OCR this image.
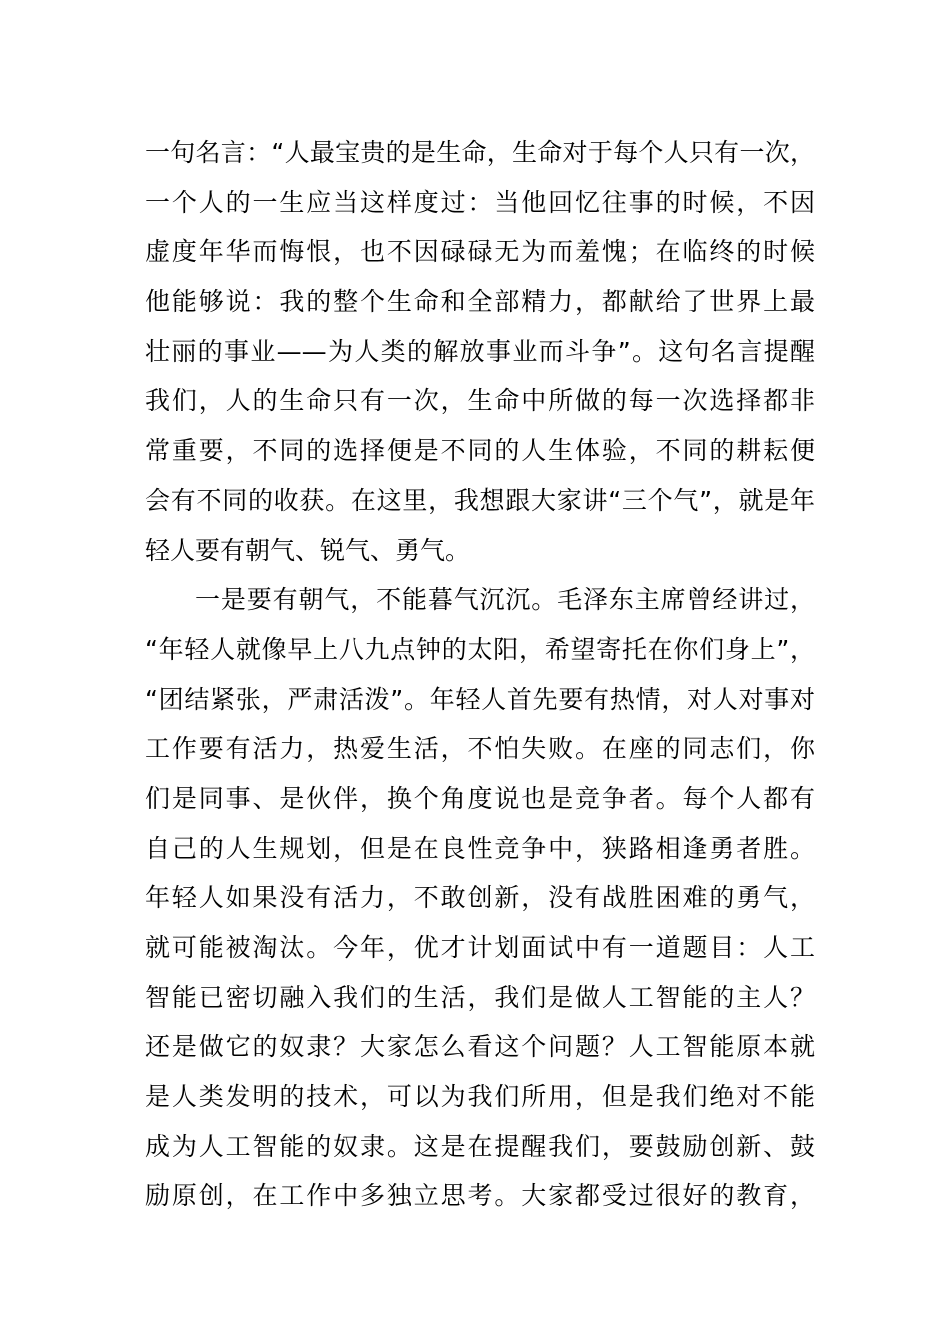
一句名言：“人最宝贵的是生命，生命对于每个人只有一次，
一个人的一生应当这样度过：当他回忆往事的时候，不因
虚度年华而悔恨，也不因碌碌无为而羞愧；在临终的时候
他能够说：我的整个生命和全部精力，都献给了世界上最
壮丽的事业——为人类的解放事业而斗争”。这句名言提醒
我们，人的生命只有一次，生命中所做的每一次选择都非
常重要，不同的选择便是不同的人生体验，不同的耕耘便
会有不同的收获。在这里，我想跟大家讲“三个气”，就是年
轻人要有朝气、锐气、勇气。
一是要有朝气，不能暮气沉沉。毛泽东主席曾经讲过，
“年轻人就像早上八九点钟的太阳，希望寄托在你们身上”，
“团结紧张，严肃活泼”。年轻人首先要有热情，对人对事对
工作要有活力，热爱生活，不怕失败。在座的同志们，你
们是同事、是伙伴，换个角度说也是竞争者。每个人都有
自己的人生规划，但是在良性竞争中，狭路相逢勇者胜。
年轻人如果没有活力，不敢创新，没有战胜困难的勇气，
就可能被淘汰。今年，优才计划面试中有一道题目：人工
智能已密切融入我们的生活，我们是做人工智能的主人？
还是做它的奴隶？大家怎么看这个问题？人工智能原本就
是人类发明的技术，可以为我们所用，但是我们绝对不能
成为人工智能的奴隶。这是在提醒我们，要鼓励创新、鼓
励原创，在工作中多独立思考。大家都受过很好的教育，
